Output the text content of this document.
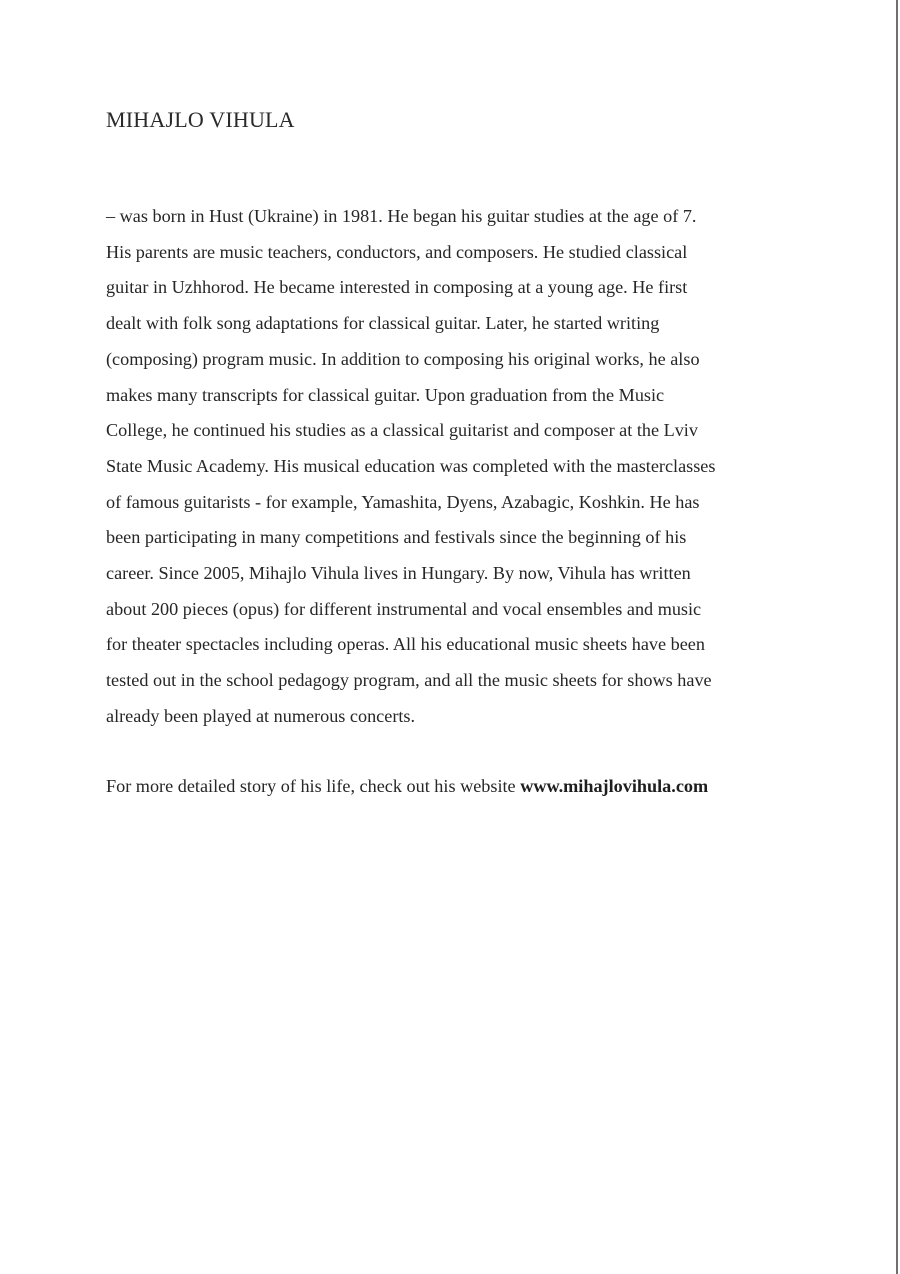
MIHAJLO VIHULA

– was born in Hust (Ukraine) in 1981. He began his guitar studies at the age of 7.
His parents are music teachers, conductors, and composers. He studied classical
guitar in Uzhhorod. He became interested in composing at a young age. He first
dealt with folk song adaptations for classical guitar. Later, he started writing
(composing) program music. In addition to composing his original works, he also
makes many transcripts for classical guitar. Upon graduation from the Music
College, he continued his studies as a classical guitarist and composer at the Lviv
State Music Academy. His musical education was completed with the masterclasses
of famous guitarists - for example, Yamashita, Dyens, Azabagic, Koshkin. He has
been participating in many competitions and festivals since the beginning of his
career. Since 2005, Mihajlo Vihula lives in Hungary. By now, Vihula has written
about 200 pieces (opus) for different instrumental and vocal ensembles and music
for theater spectacles including operas. All his educational music sheets have been
tested out in the school pedagogy program, and all the music sheets for shows have
already been played at numerous concerts.

For more detailed story of his life, check out his website www.mihajlovihula.com
